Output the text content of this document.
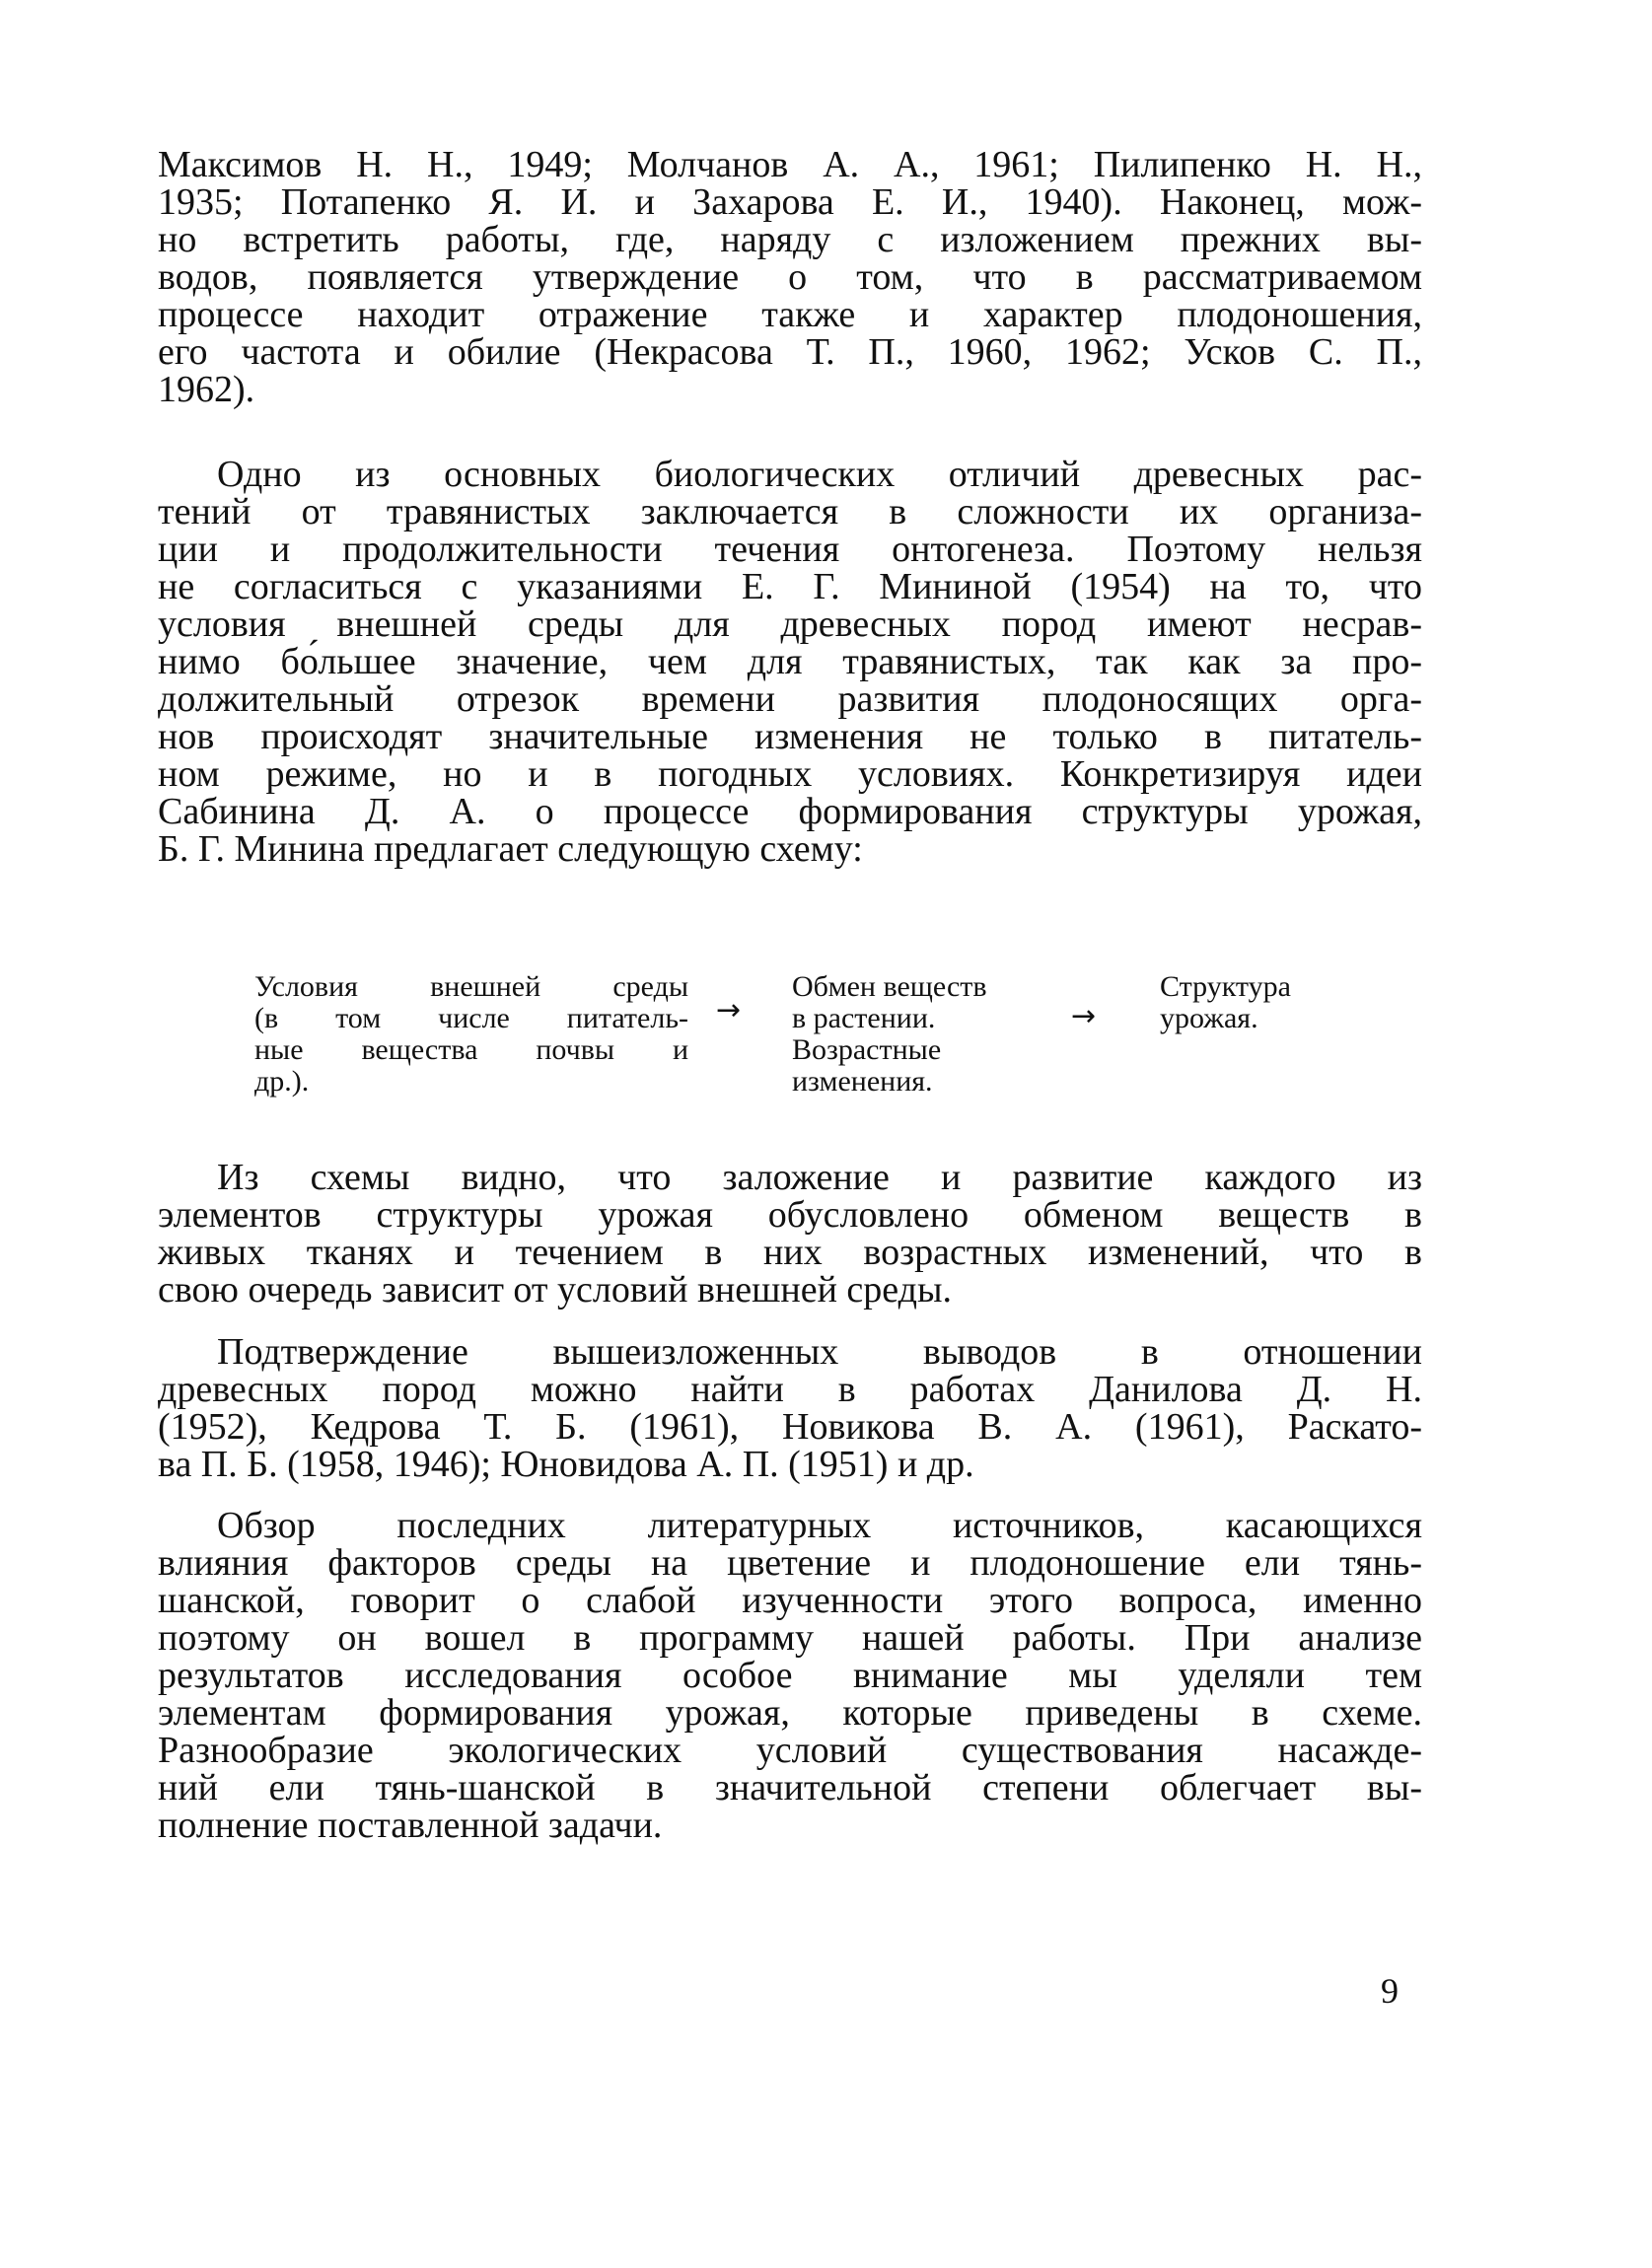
Максимов Н. Н., 1949; Молчанов А. А., 1961; Пилипенко Н. Н.,
1935; Потапенко Я. И. и Захарова Е. И., 1940). Наконец, мож-
но встретить работы, где, наряду с изложением прежних вы-
водов, появляется утверждение о том, что в рассматриваемом
процессе находит отражение также и характер плодоношения,
его частота и обилие (Некрасова Т. П., 1960, 1962; Усков С. П.,
1962).
Одно из основных биологических отличий древесных рас-
тений от травянистых заключается в сложности их организа-
ции и продолжительности течения онтогенеза. Поэтому нельзя
не согласиться с указаниями Е. Г. Мининой (1954) на то, что
условия внешней среды для древесных пород имеют несрав-
нимо бо́льшее значение, чем для травянистых, так как за про-
должительный отрезок времени развития плодоносящих орга-
нов происходят значительные изменения не только в питатель-
ном режиме, но и в погодных условиях. Конкретизируя идеи
Сабинина Д. А. о процессе формирования структуры урожая,
Б. Г. Минина предлагает следующую схему:
Условия внешней среды
(в том числе питатель-
ные вещества почвы и
др.).
→
Обмен веществ
в растении.
Возрастные
изменения.
→
Структура
урожая.
Из схемы видно, что заложение и развитие каждого из
элементов структуры урожая обусловлено обменом веществ в
живых тканях и течением в них возрастных изменений, что в
свою очередь зависит от условий внешней среды.
Подтверждение вышеизложенных выводов в отношении
древесных пород можно найти в работах Данилова Д. Н.
(1952), Кедрова Т. Б. (1961), Новикова В. А. (1961), Раскато-
ва П. Б. (1958, 1946); Юновидова А. П. (1951) и др.
Обзор последних литературных источников, касающихся
влияния факторов среды на цветение и плодоношение ели тянь-
шанской, говорит о слабой изученности этого вопроса, именно
поэтому он вошел в программу нашей работы. При анализе
результатов исследования особое внимание мы уделяли тем
элементам формирования урожая, которые приведены в схеме.
Разнообразие экологических условий существования насажде-
ний ели тянь-шанской в значительной степени облегчает вы-
полнение поставленной задачи.
9
